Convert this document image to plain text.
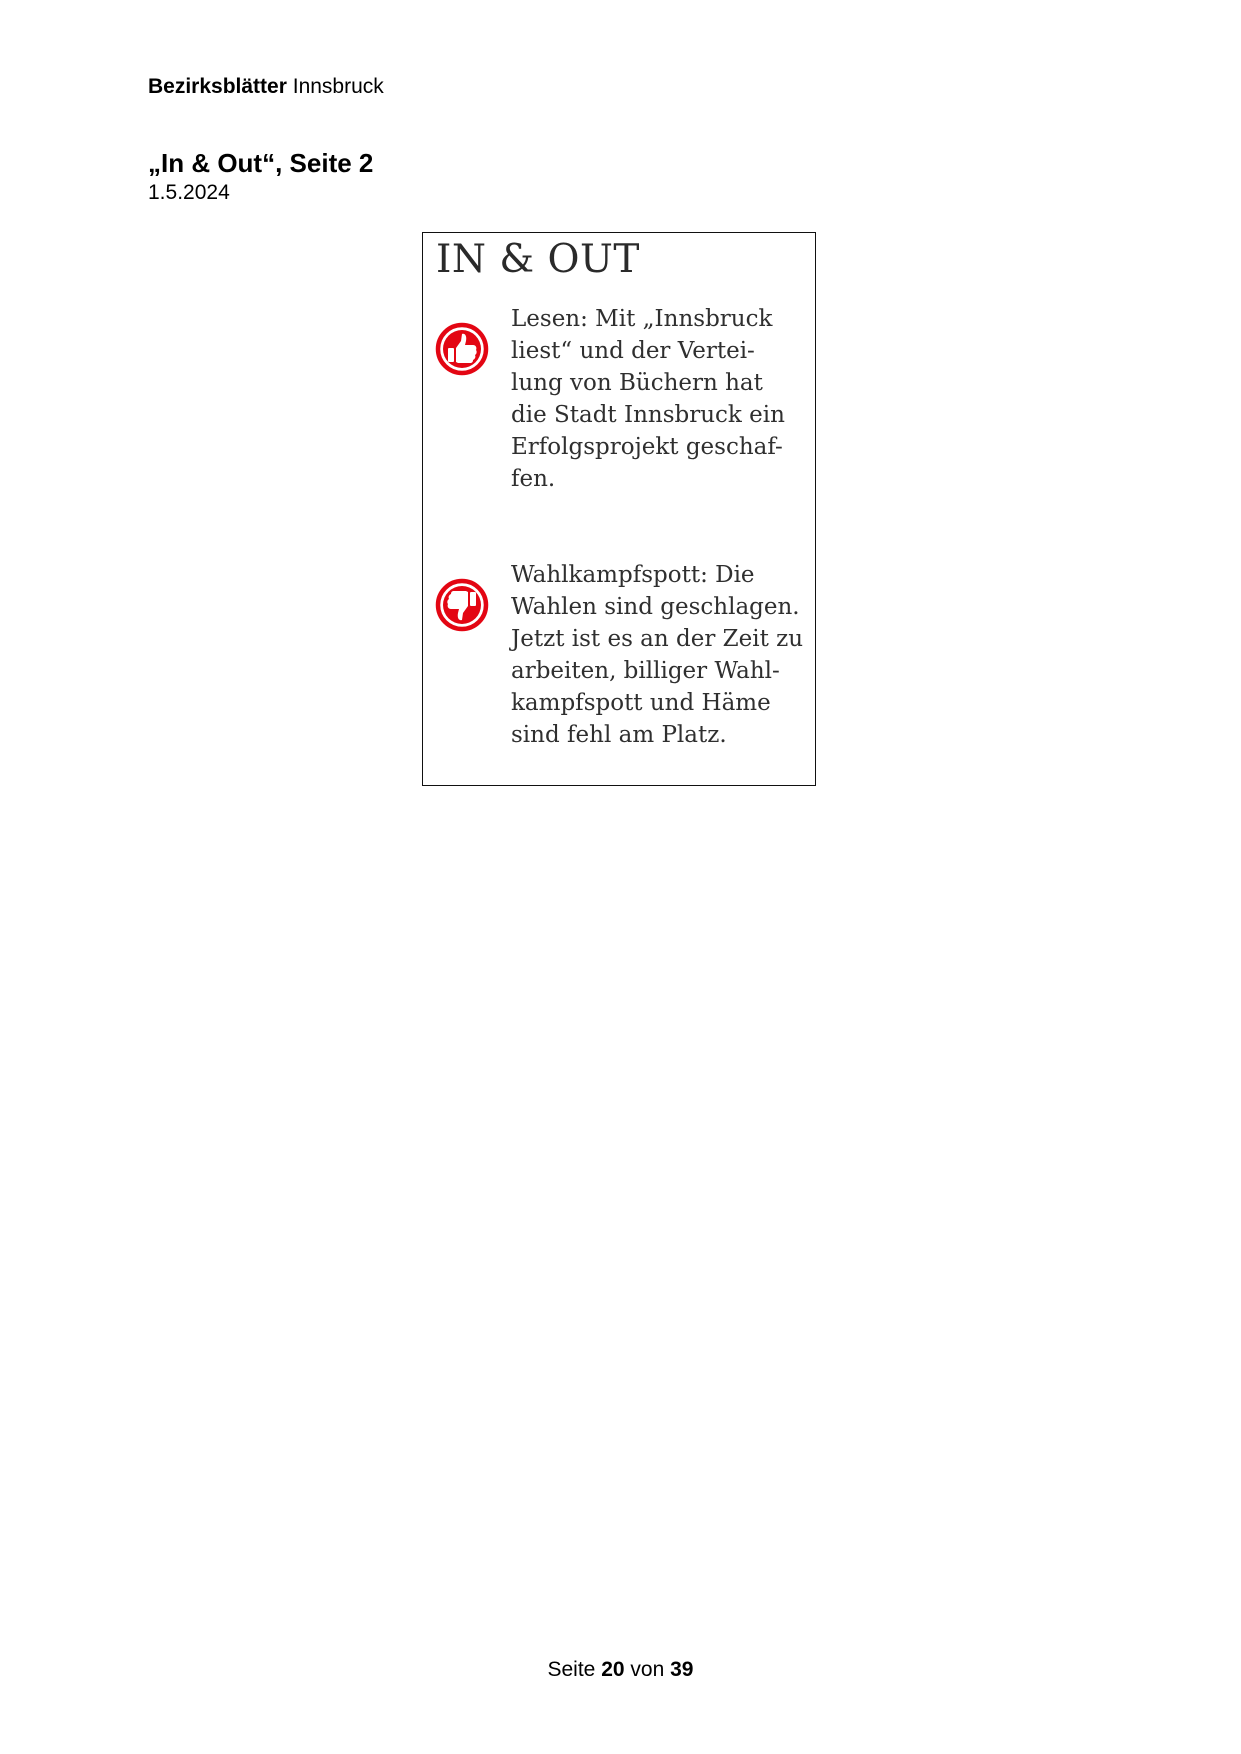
Bezirksblätter Innsbruck
„In & Out“, Seite 2
1.5.2024
IN & OUT
Lesen: Mit „Innsbruck
liest“ und der Vertei-
lung von Büchern hat
die Stadt Innsbruck ein
Erfolgsprojekt geschaf-
fen.
Wahlkampfspott: Die
Wahlen sind geschlagen.
Jetzt ist es an der Zeit zu
arbeiten, billiger Wahl-
kampfspott und Häme
sind fehl am Platz.
Seite 20 von 39
